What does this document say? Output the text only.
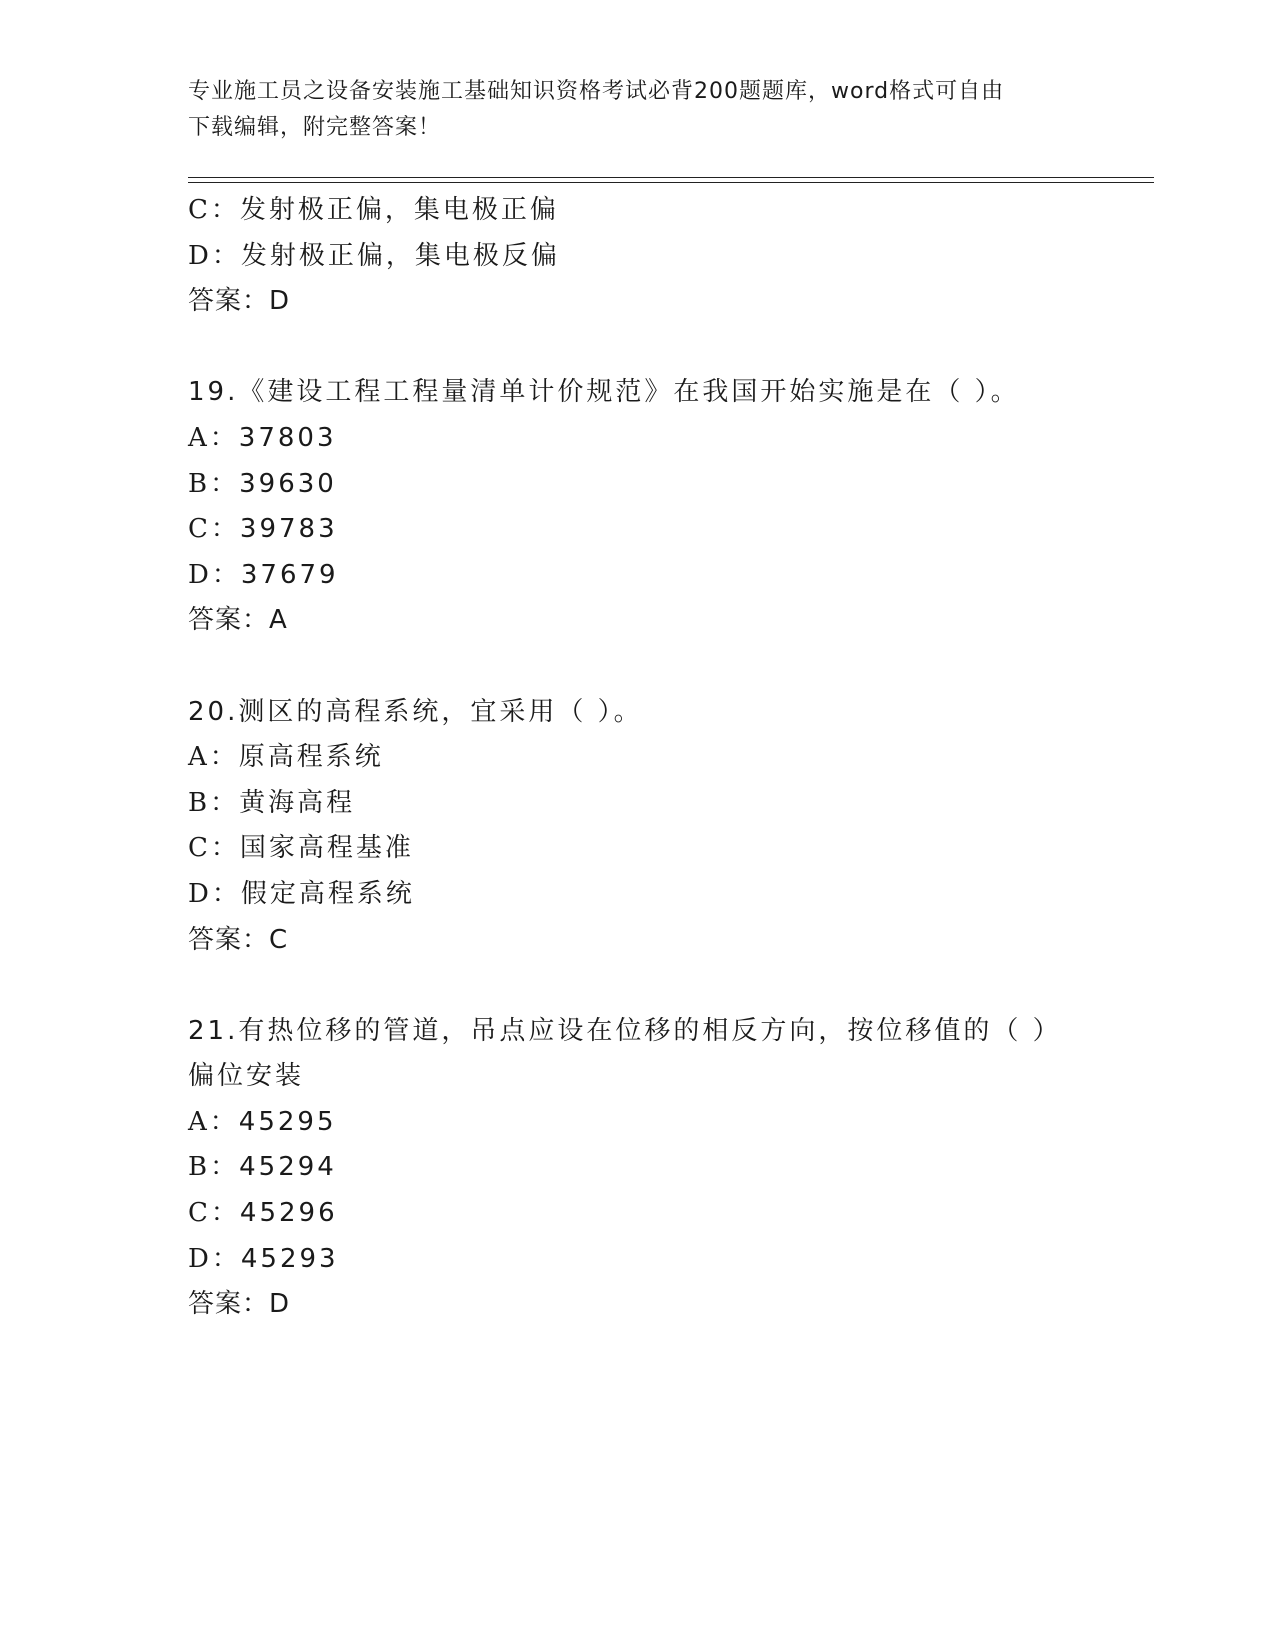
专业施工员之设备安装施工基础知识资格考试必背200题题库，word格式可自由
下载编辑，附完整答案！
C：发射极正偏，集电极正偏
D：发射极正偏，集电极反偏
答案：D
19.《建设工程工程量清单计价规范》在我国开始实施是在（ ）。
A：37803
B：39630
C：39783
D：37679
答案：A
20.测区的高程系统，宜采用（ ）。
A：原高程系统
B：黄海高程
C：国家高程基准
D：假定高程系统
答案：C
21.有热位移的管道，吊点应设在位移的相反方向，按位移值的（ ）
偏位安装
A：45295
B：45294
C：45296
D：45293
答案：D
